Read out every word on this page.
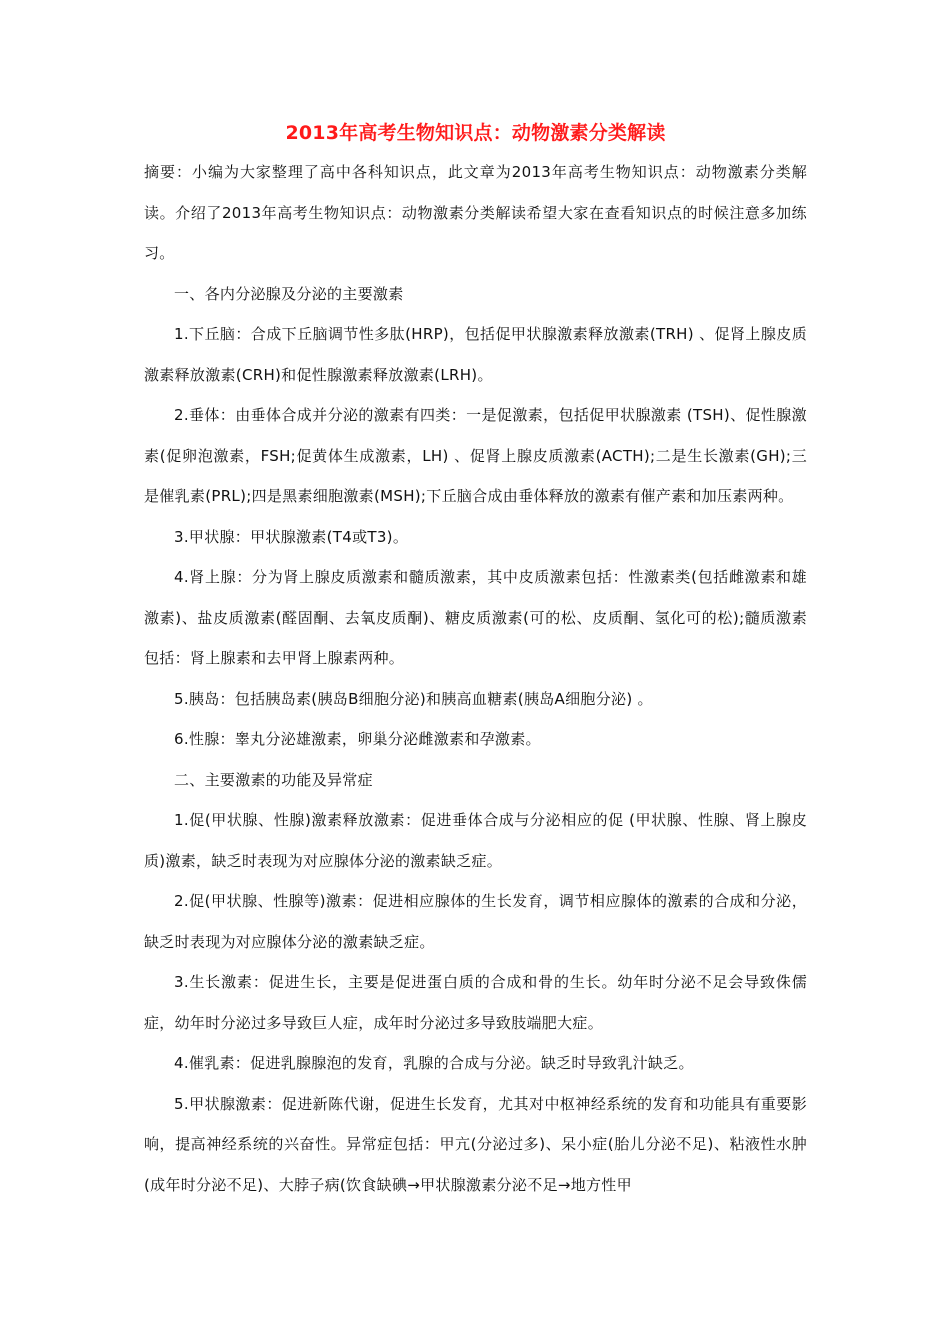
2013年高考生物知识点：动物激素分类解读

摘要：小编为大家整理了高中各科知识点，此文章为2013年高考生物知识点：动物激素分类解读。介绍了2013年高考生物知识点：动物激素分类解读希望大家在查看知识点的时候注意多加练习。

一、各内分泌腺及分泌的主要激素

1.下丘脑：合成下丘脑调节性多肽(HRP)，包括促甲状腺激素释放激素(TRH) 、促肾上腺皮质激素释放激素(CRH)和促性腺激素释放激素(LRH)。

2.垂体：由垂体合成并分泌的激素有四类：一是促激素，包括促甲状腺激素 (TSH)、促性腺激素(促卵泡激素，FSH;促黄体生成激素，LH) 、促肾上腺皮质激素(ACTH);二是生长激素(GH);三是催乳素(PRL);四是黑素细胞激素(MSH);下丘脑合成由垂体释放的激素有催产素和加压素两种。

3.甲状腺：甲状腺激素(T4或T3)。

4.肾上腺：分为肾上腺皮质激素和髓质激素，其中皮质激素包括：性激素类(包括雌激素和雄激素)、盐皮质激素(醛固酮、去氧皮质酮)、糖皮质激素(可的松、皮质酮、氢化可的松);髓质激素包括：肾上腺素和去甲肾上腺素两种。

5.胰岛：包括胰岛素(胰岛B细胞分泌)和胰高血糖素(胰岛A细胞分泌) 。

6.性腺：睾丸分泌雄激素，卵巢分泌雌激素和孕激素。

二、主要激素的功能及异常症

1.促(甲状腺、性腺)激素释放激素：促进垂体合成与分泌相应的促 (甲状腺、性腺、肾上腺皮质)激素，缺乏时表现为对应腺体分泌的激素缺乏症。

2.促(甲状腺、性腺等)激素：促进相应腺体的生长发育，调节相应腺体的激素的合成和分泌，缺乏时表现为对应腺体分泌的激素缺乏症。

3.生长激素：促进生长，主要是促进蛋白质的合成和骨的生长。幼年时分泌不足会导致侏儒症，幼年时分泌过多导致巨人症，成年时分泌过多导致肢端肥大症。

4.催乳素：促进乳腺腺泡的发育，乳腺的合成与分泌。缺乏时导致乳汁缺乏。

5.甲状腺激素：促进新陈代谢，促进生长发育，尤其对中枢神经系统的发育和功能具有重要影响，提高神经系统的兴奋性。异常症包括：甲亢(分泌过多)、呆小症(胎儿分泌不足)、粘液性水肿(成年时分泌不足)、大脖子病(饮食缺碘→甲状腺激素分泌不足→地方性甲
